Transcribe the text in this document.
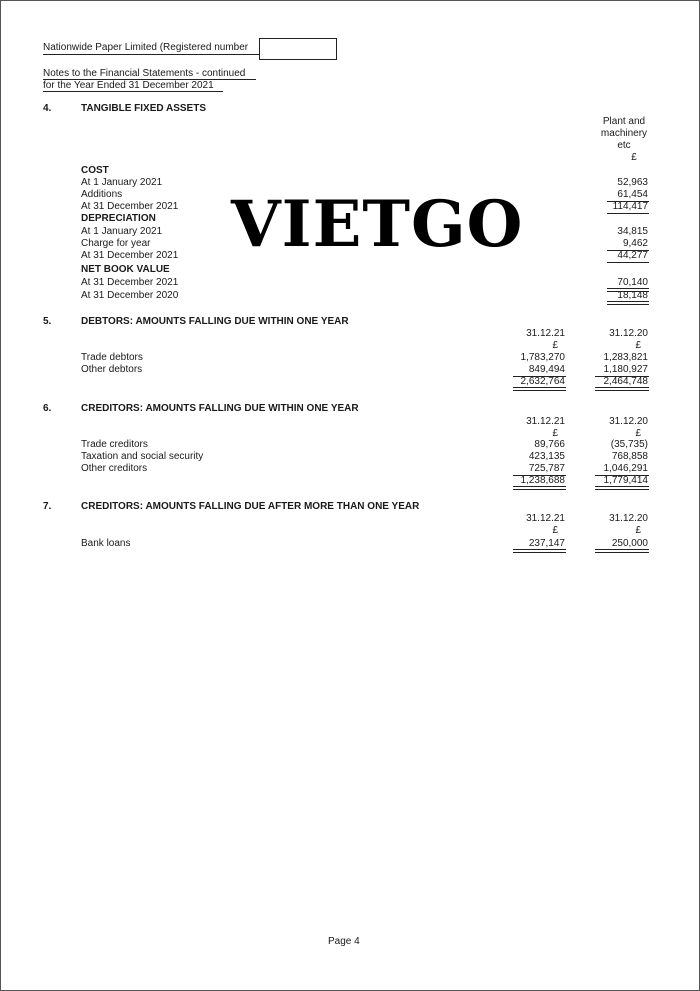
Nationwide Paper Limited (Registered number
Notes to the Financial Statements - continued
for the Year Ended 31 December 2021
4.	TANGIBLE FIXED ASSETS
Plant and
machinery
etc
£
COST
At 1 January 2021	52,963
Additions	61,454
At 31 December 2021	114,417
DEPRECIATION
At 1 January 2021	34,815
Charge for year	9,462
At 31 December 2021	44,277
NET BOOK VALUE
At 31 December 2021	70,140
At 31 December 2020	18,148
VIETGO
5.	DEBTORS: AMOUNTS FALLING DUE WITHIN ONE YEAR
31.12.21	31.12.20
£	£
Trade debtors	1,783,270	1,283,821
Other debtors	849,494	1,180,927
2,632,764	2,464,748
6.	CREDITORS: AMOUNTS FALLING DUE WITHIN ONE YEAR
31.12.21	31.12.20
£	£
Trade creditors	89,766	(35,735)
Taxation and social security	423,135	768,858
Other creditors	725,787	1,046,291
1,238,688	1,779,414
7.	CREDITORS: AMOUNTS FALLING DUE AFTER MORE THAN ONE YEAR
31.12.21	31.12.20
£	£
Bank loans	237,147	250,000
Page 4
